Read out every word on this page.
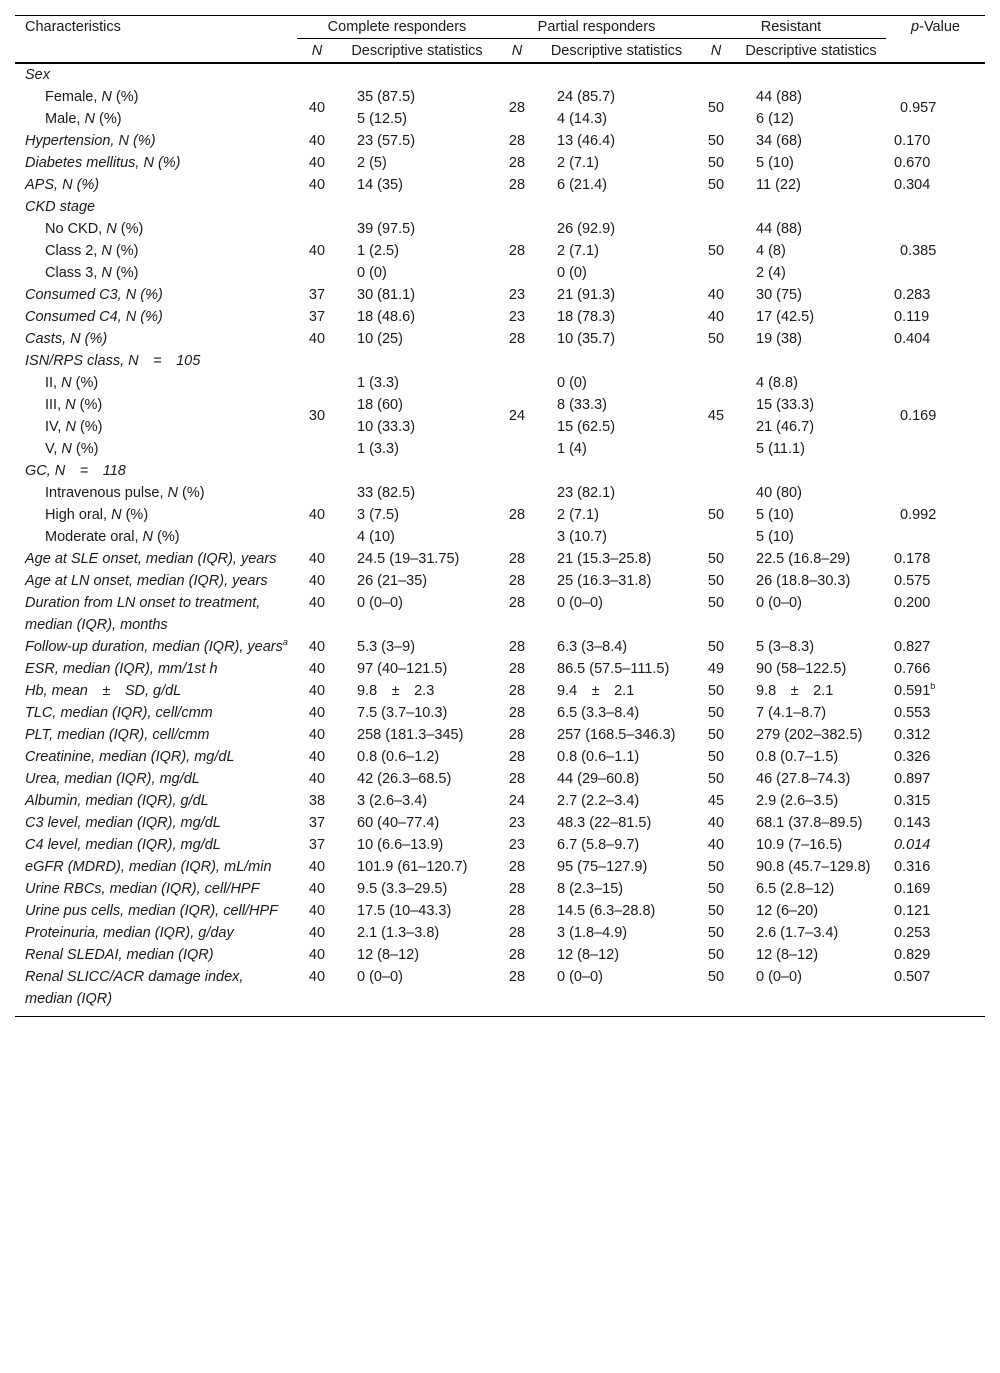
Characteristics	Complete responders		Partial responders		Resistant		p-Value
	N	Descriptive statistics	N	Descriptive statistics	N	Descriptive statistics	

Sex							
Female, N (%)	40	35 (87.5)	28	24 (85.7)	50	44 (88)	0.957
Male, N (%)		5 (12.5)		4 (14.3)		6 (12)	
Hypertension, N (%)	40	23 (57.5)	28	13 (46.4)	50	34 (68)	0.170
Diabetes mellitus, N (%)	40	2 (5)	28	2 (7.1)	50	5 (10)	0.670
APS, N (%)	40	14 (35)	28	6 (21.4)	50	11 (22)	0.304
CKD stage							
No CKD, N (%)	40	39 (97.5)	28	26 (92.9)	50	44 (88)	0.385
Class 2, N (%)		1 (2.5)		2 (7.1)		4 (8)	
Class 3, N (%)		0 (0)		0 (0)		2 (4)	
Consumed C3, N (%)	37	30 (81.1)	23	21 (91.3)	40	30 (75)	0.283
Consumed C4, N (%)	37	18 (48.6)	23	18 (78.3)	40	17 (42.5)	0.119
Casts, N (%)	40	10 (25)	28	10 (35.7)	50	19 (38)	0.404
ISN/RPS class, N = 105							
II, N (%)	30	1 (3.3)	24	0 (0)	45	4 (8.8)	0.169
III, N (%)		18 (60)		8 (33.3)		15 (33.3)	
IV, N (%)		10 (33.3)		15 (62.5)		21 (46.7)	
V, N (%)		1 (3.3)		1 (4)		5 (11.1)	
GC, N = 118							
Intravenous pulse, N (%)	40	33 (82.5)	28	23 (82.1)	50	40 (80)	0.992
High oral, N (%)		3 (7.5)		2 (7.1)		5 (10)	
Moderate oral, N (%)		4 (10)		3 (10.7)		5 (10)	
Age at SLE onset, median (IQR), years	40	24.5 (19–31.75)	28	21 (15.3–25.8)	50	22.5 (16.8–29)	0.178
Age at LN onset, median (IQR), years	40	26 (21–35)	28	25 (16.3–31.8)	50	26 (18.8–30.3)	0.575
Duration from LN onset to treatment, median (IQR), months	40	0 (0–0)	28	0 (0–0)	50	0 (0–0)	0.200
Follow-up duration, median (IQR), years$^a$	40	5.3 (3–9)	28	6.3 (3–8.4)	50	5 (3–8.3)	0.827
ESR, median (IQR), mm/1st h	40	97 (40–121.5)	28	86.5 (57.5–111.5)	49	90 (58–122.5)	0.766
Hb, mean ± SD, g/dL	40	9.8 ± 2.3	28	9.4 ± 2.1	50	9.8 ± 2.1	0.591$^b$
TLC, median (IQR), cell/cmm	40	7.5 (3.7–10.3)	28	6.5 (3.3–8.4)	50	7 (4.1–8.7)	0.553
PLT, median (IQR), cell/cmm	40	258 (181.3–345)	28	257 (168.5–346.3)	50	279 (202–382.5)	0.312
Creatinine, median (IQR), mg/dL	40	0.8 (0.6–1.2)	28	0.8 (0.6–1.1)	50	0.8 (0.7–1.5)	0.326
Urea, median (IQR), mg/dL	40	42 (26.3–68.5)	28	44 (29–60.8)	50	46 (27.8–74.3)	0.897
Albumin, median (IQR), g/dL	38	3 (2.6–3.4)	24	2.7 (2.2–3.4)	45	2.9 (2.6–3.5)	0.315
C3 level, median (IQR), mg/dL	37	60 (40–77.4)	23	48.3 (22–81.5)	40	68.1 (37.8–89.5)	0.143
C4 level, median (IQR), mg/dL	37	10 (6.6–13.9)	23	6.7 (5.8–9.7)	40	10.9 (7–16.5)	0.014
eGFR (MDRD), median (IQR), mL/min	40	101.9 (61–120.7)	28	95 (75–127.9)	50	90.8 (45.7–129.8)	0.316
Urine RBCs, median (IQR), cell/HPF	40	9.5 (3.3–29.5)	28	8 (2.3–15)	50	6.5 (2.8–12)	0.169
Urine pus cells, median (IQR), cell/HPF	40	17.5 (10–43.3)	28	14.5 (6.3–28.8)	50	12 (6–20)	0.121
Proteinuria, median (IQR), g/day	40	2.1 (1.3–3.8)	28	3 (1.8–4.9)	50	2.6 (1.7–3.4)	0.253
Renal SLEDAI, median (IQR)	40	12 (8–12)	28	12 (8–12)	50	12 (8–12)	0.829
Renal SLICC/ACR damage index, median (IQR)	40	0 (0–0)	28	0 (0–0)	50	0 (0–0)	0.507
